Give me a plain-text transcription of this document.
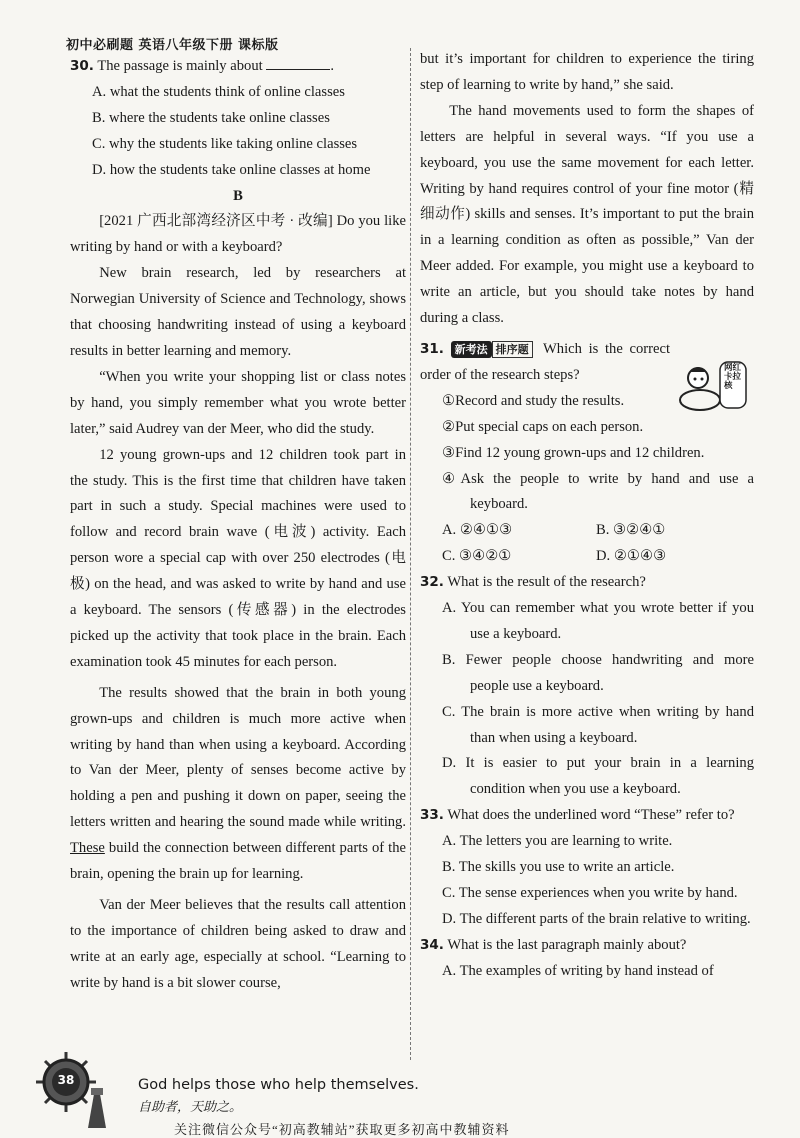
初中必刷题 英语八年级下册 课标版

30. The passage is mainly about	.

A. what the students think of online classes

B. where the students take online classes

C. why the students like taking online classes

D. how the students take online classes at home

B

[2021 广西北部湾经济区中考 · 改编] Do you like writing by hand or with a keyboard?

New brain research, led by researchers at Norwegian University of Science and Technology, shows that choosing handwriting instead of using a keyboard results in better learning and memory.

“When you write your shopping list or class notes by hand, you simply remember what you wrote better later,” said Audrey van der Meer, who did the study.

12 young grown-ups and 12 children took part in the study. This is the first time that children have taken part in such a study. Special machines were used to follow and record brain wave (电波) activity. Each person wore a special cap with over 250 electrodes (电极) on the head, and was asked to write by hand and use a keyboard. The sensors (传感器) in the electrodes picked up the activity that took place in the brain. Each examination took 45 minutes for each person.

The results showed that the brain in both young grown-ups and children is much more active when writing by hand than when using a keyboard. According to Van der Meer, plenty of senses become active by holding a pen and pushing it down on paper, seeing the letters written and hearing the sound made while writing. These build the connection between different parts of the brain, opening the brain up for learning.

Van der Meer believes that the results call attention to the importance of children being asked to draw and write at an early age, especially at school. “Learning to write by hand is a bit slower course,

but it’s important for children to experience the tiring step of learning to write by hand,” she said.

The hand movements used to form the shapes of letters are helpful in several ways. “If you use a keyboard, you use the same movement for each letter. Writing by hand requires control of your fine motor (精细动作) skills and senses. It’s important to put the brain in a learning condition as often as possible,” Van der Meer added. For example, you might use a keyboard to write an article, but you should take notes by hand during a class.

31. 新考法 排序题 Which is the correct order of the research steps?

①Record and study the results.

②Put special caps on each person.

③Find 12 young grown-ups and 12 children.

④Ask the people to write by hand and use a keyboard.

A. ②④①③	B. ③②④①
C. ③④②①	D. ②①④③

32. What is the result of the research?

A. You can remember what you wrote better if you use a keyboard.

B. Fewer people choose handwriting and more people use a keyboard.

C. The brain is more active when writing by hand than when using a keyboard.

D. It is easier to put your brain in a learning condition when you use a keyboard.

33. What does the underlined word “These” refer to?

A. The letters you are learning to write.

B. The skills you use to write an article.

C. The sense experiences when you write by hand.

D. The different parts of the brain relative to writing.

34. What is the last paragraph mainly about?

A. The examples of writing by hand instead of

网红卡拉核
38	God helps those who help themselves.
自助者，天助之。
关注微信公众号“初高教辅站”获取更多初高中教辅资料
